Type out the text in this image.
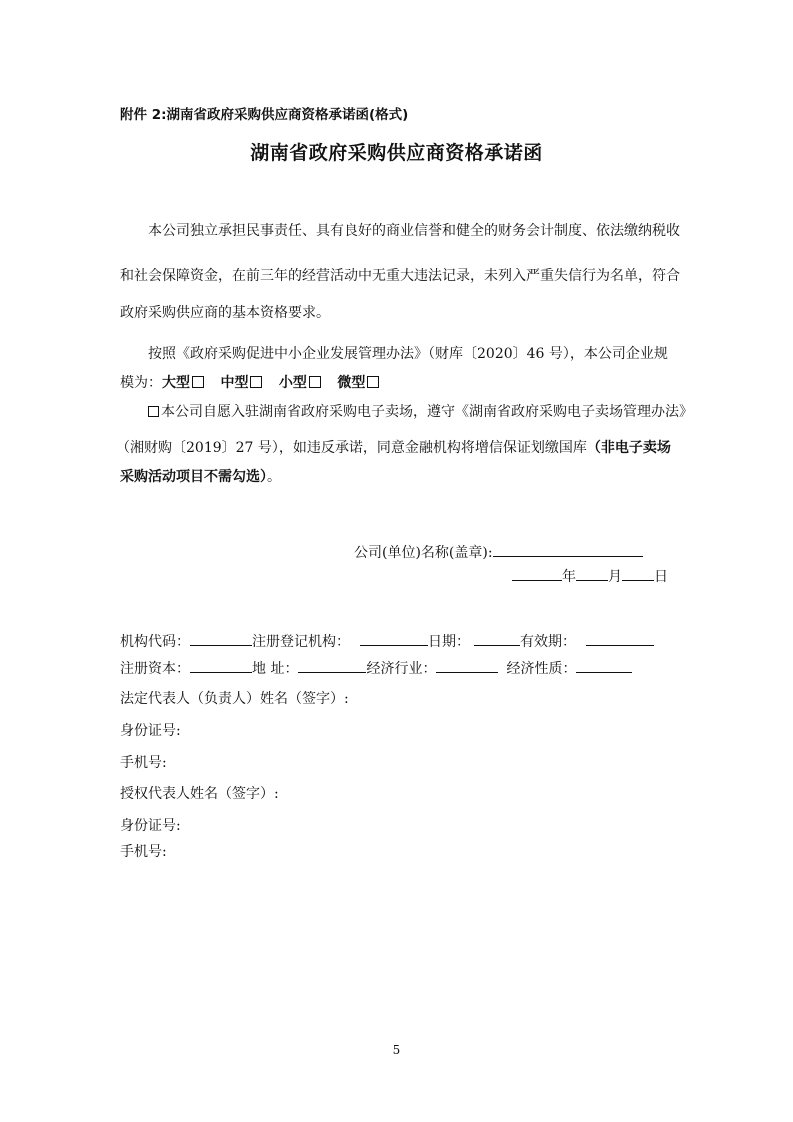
附件 2:湖南省政府采购供应商资格承诺函(格式)
湖南省政府采购供应商资格承诺函
本公司独立承担民事责任、具有良好的商业信誉和健全的财务会计制度、依法缴纳税收
和社会保障资金，在前三年的经营活动中无重大违法记录，未列入严重失信行为名单，符合
政府采购供应商的基本资格要求。
按照《政府采购促进中小企业发展管理办法》（财库〔2020〕46 号），本公司企业规
模为：大型 中型 小型 微型
本公司自愿入驻湖南省政府采购电子卖场，遵守《湖南省政府采购电子卖场管理办法》
（湘财购〔2019〕27 号），如违反承诺，同意金融机构将增信保证划缴国库（非电子卖场
采购活动项目不需勾选）。
公司(单位)名称(盖章):
年 月 日
机构代码：	注册登记机构：	日期：	有效期：
注册资本：	地 址：	经济行业：	经济性质：
法定代表人（负责人）姓名（签字）:
身份证号:
手机号:
授权代表人姓名（签字）:
身份证号:
手机号:
5
